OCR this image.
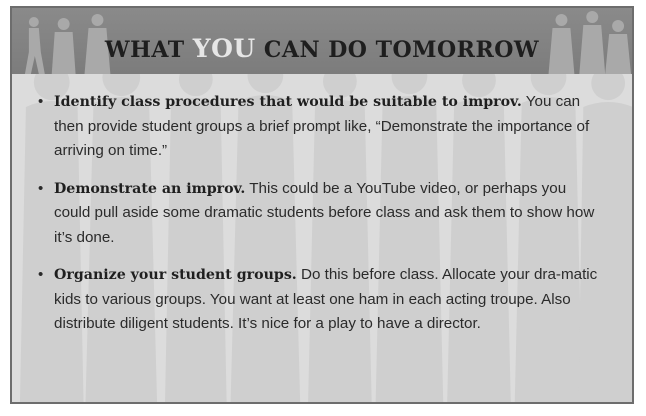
WHAT YOU CAN DO TOMORROW
• Identify class procedures that would be suitable to improv. You can then provide student groups a brief prompt like, “Demonstrate the importance of arriving on time.”
• Demonstrate an improv. This could be a YouTube video, or perhaps you could pull aside some dramatic students before class and ask them to show how it’s done.
• Organize your student groups. Do this before class. Allocate your dra-matic kids to various groups. You want at least one ham in each acting troupe. Also distribute diligent students. It’s nice for a play to have a director.
